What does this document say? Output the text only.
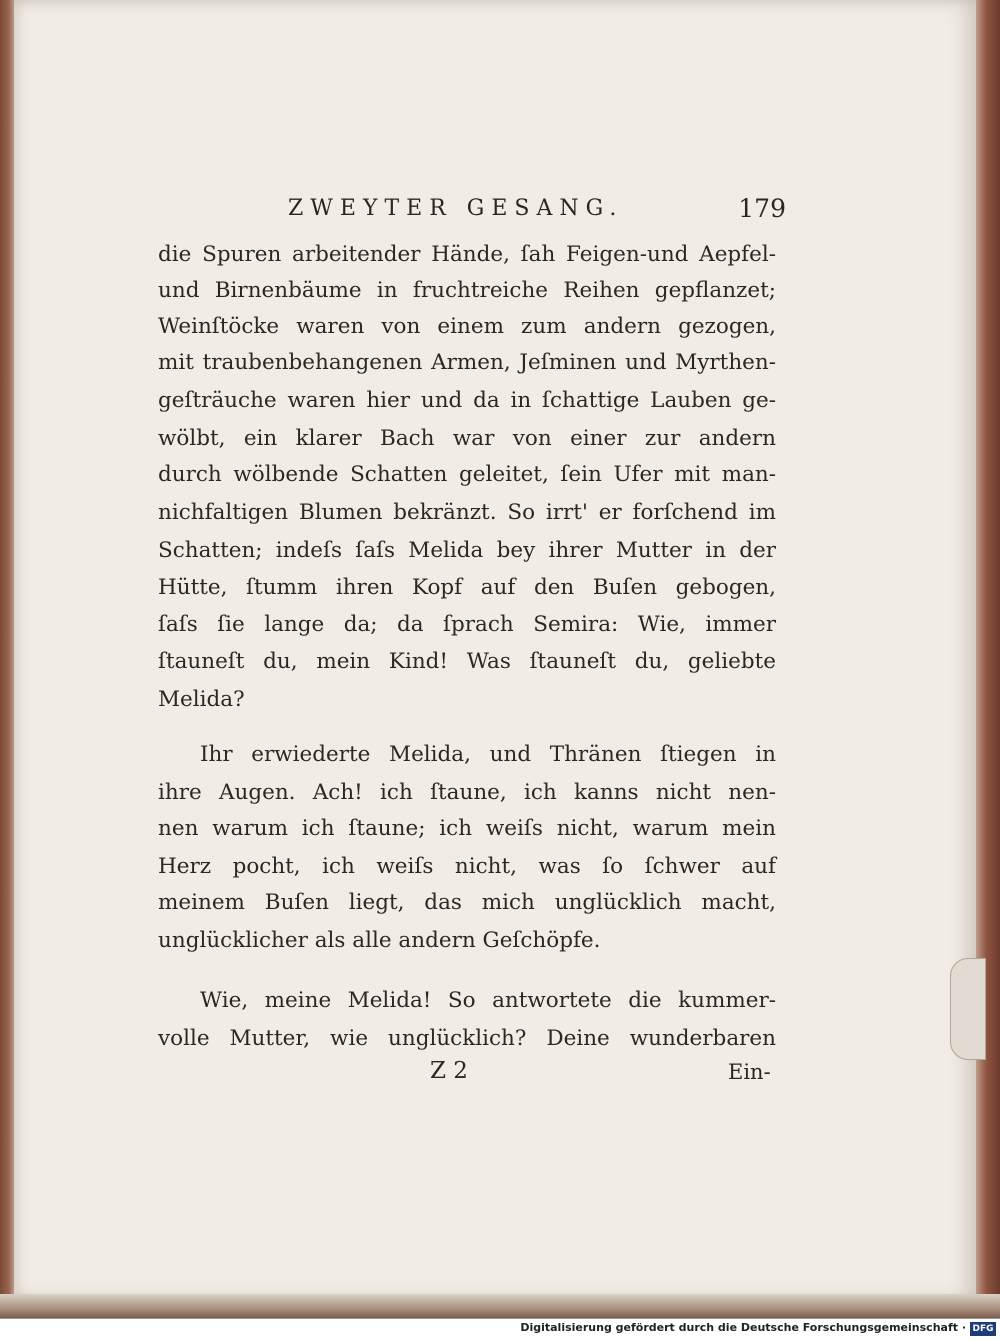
ZWEYTER GESANG.	179
die Spuren arbeitender Hände, ſah Feigen-und Aepfel-
und Birnenbäume in fruchtreiche Reihen gepflanzet;
Weinſtöcke waren von einem zum andern gezogen,
mit traubenbehangenen Armen, Jeſminen und Myrthen-
geſträuche waren hier und da in ſchattige Lauben ge-
wölbt, ein klarer Bach war von einer zur andern
durch wölbende Schatten geleitet, ſein Ufer mit man-
nichfaltigen Blumen bekränzt. So irrt' er forſchend im
Schatten; indeſs ſaſs Melida bey ihrer Mutter in der
Hütte, ſtumm ihren Kopf auf den Buſen gebogen,
ſaſs ſie lange da; da ſprach Semira: Wie, immer
ſtauneſt du, mein Kind! Was ſtauneſt du, geliebte
Melida?
Ihr erwiederte Melida, und Thränen ſtiegen in
ihre Augen. Ach! ich ſtaune, ich kanns nicht nen-
nen warum ich ſtaune; ich weiſs nicht, warum mein
Herz pocht, ich weiſs nicht, was ſo ſchwer auf
meinem Buſen liegt, das mich unglücklich macht,
unglücklicher als alle andern Geſchöpfe.
Wie, meine Melida! So antwortete die kummer-
volle Mutter, wie unglücklich? Deine wunderbaren
Z 2	Ein-
Digitalisierung gefördert durch die Deutsche Forschungsgemeinschaft · DFG
